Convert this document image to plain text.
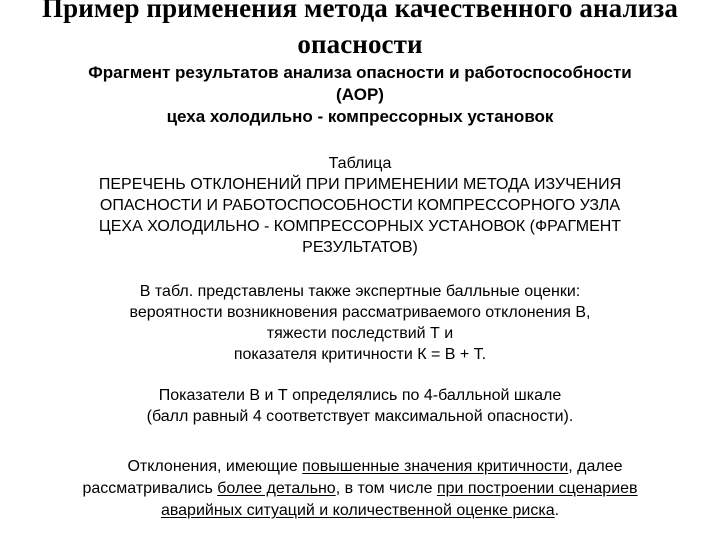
Пример применения метода качественного анализа
опасности
Фрагмент результатов анализа опасности и работоспособности
(АОР)
цеха холодильно - компрессорных установок
Таблица
ПЕРЕЧЕНЬ ОТКЛОНЕНИЙ ПРИ ПРИМЕНЕНИИ МЕТОДА ИЗУЧЕНИЯ
ОПАСНОСТИ И РАБОТОСПОСОБНОСТИ КОМПРЕССОРНОГО УЗЛА
ЦЕХА ХОЛОДИЛЬНО - КОМПРЕССОРНЫХ УСТАНОВОК (ФРАГМЕНТ
РЕЗУЛЬТАТОВ)
В табл. представлены также экспертные балльные оценки:
вероятности возникновения рассматриваемого отклонения В,
тяжести последствий Т и
показателя критичности К = В + Т.
Показатели В и Т определялись по 4-балльной шкале
(балл равный 4 соответствует максимальной опасности).
Отклонения, имеющие повышенные значения критичности, далее
рассматривались более детально, в том числе при построении сценариев
аварийных ситуаций и количественной оценке риска.
